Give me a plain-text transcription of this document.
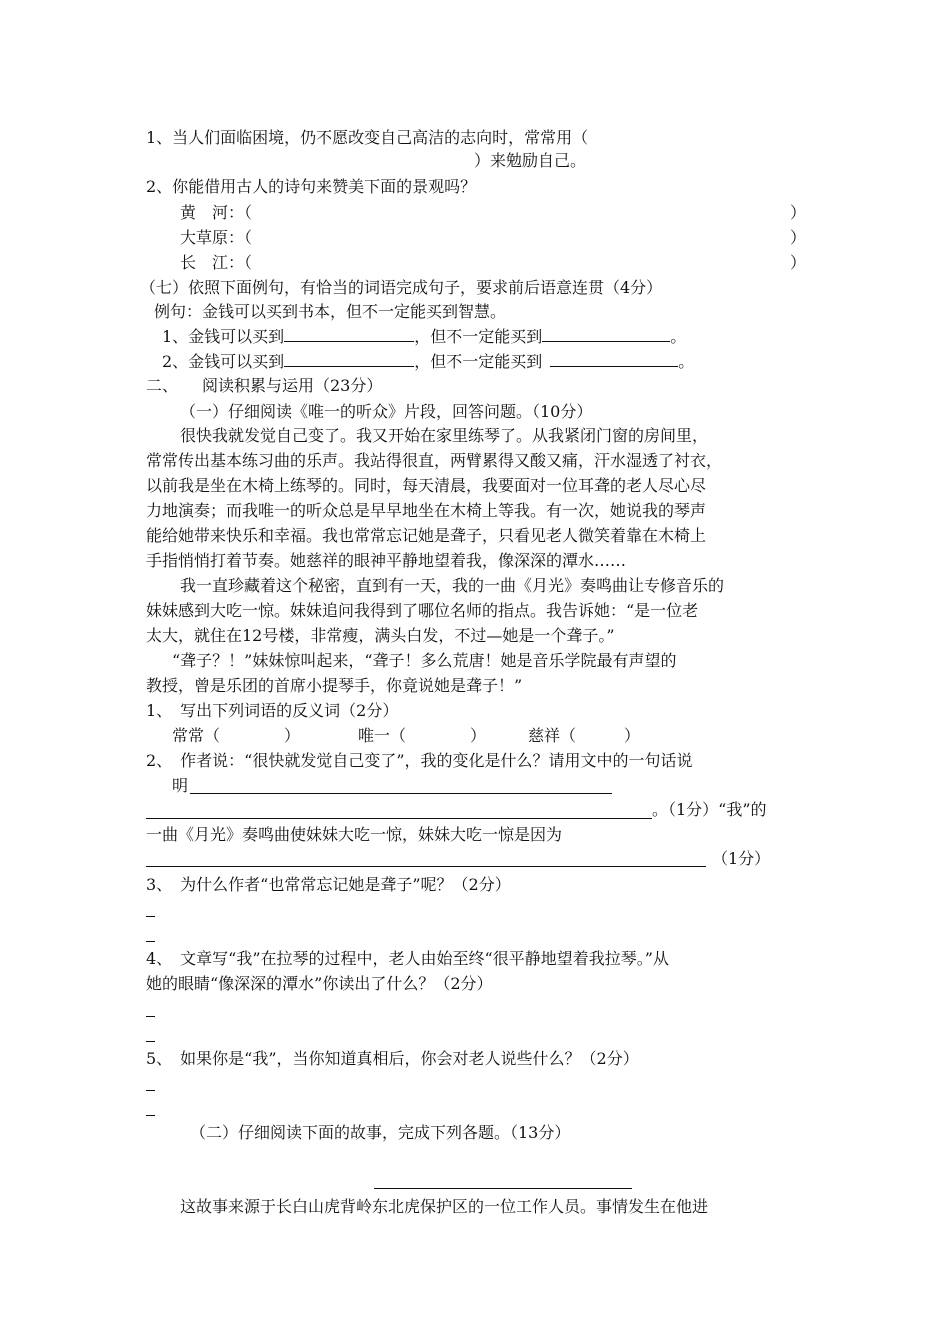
1、当人们面临困境，仍不愿改变自己高洁的志向时，常常用（
）来勉励自己。
2、你能借用古人的诗句来赞美下面的景观吗？
黄　河：（	）
大草原：（	）
长　江：（	）
（七）依照下面例句，有恰当的词语完成句子，要求前后语意连贯（4分）
例句：金钱可以买到书本，但不一定能买到智慧。
1、金钱可以买到	，但不一定能买到	。
2、金钱可以买到	，但不一定能买到	。
二、　　阅读积累与运用（23分）
（一）仔细阅读《唯一的听众》片段，回答问题。（10分）
很快我就发觉自己变了。我又开始在家里练琴了。从我紧闭门窗的房间里，
常常传出基本练习曲的乐声。我站得很直，两臂累得又酸又痛，汗水湿透了衬衣，
以前我是坐在木椅上练琴的。同时，每天清晨，我要面对一位耳聋的老人尽心尽
力地演奏；而我唯一的听众总是早早地坐在木椅上等我。有一次，她说我的琴声
能给她带来快乐和幸福。我也常常忘记她是聋子，只看见老人微笑着靠在木椅上
手指悄悄打着节奏。她慈祥的眼神平静地望着我，像深深的潭水……
我一直珍藏着这个秘密，直到有一天，我的一曲《月光》奏鸣曲让专修音乐的
妹妹感到大吃一惊。妹妹追问我得到了哪位名师的指点。我告诉她：“是一位老
太大，就住在12号楼，非常瘦，满头白发，不过—她是一个聋子。”
“聋子？！”妹妹惊叫起来，“聋子！多么荒唐！她是音乐学院最有声望的
教授，曾是乐团的首席小提琴手，你竟说她是聋子！”
1、　写出下列词语的反义词（2分）
常常（　　　　）	唯一（　　　　）	慈祥（　　　）
2、　作者说：“很快就发觉自己变了”，我的变化是什么？请用文中的一句话说
明
。（1分）“我”的
一曲《月光》奏鸣曲使妹妹大吃一惊，妹妹大吃一惊是因为
（1分）
3、　为什么作者“也常常忘记她是聋子”呢？（2分）
4、　文章写“我”在拉琴的过程中，老人由始至终“很平静地望着我拉琴。”从
她的眼睛“像深深的潭水”你读出了什么？（2分）
5、　如果你是“我”，当你知道真相后，你会对老人说些什么？（2分）
（二）仔细阅读下面的故事，完成下列各题。（13分）
这故事来源于长白山虎背岭东北虎保护区的一位工作人员。事情发生在他进
